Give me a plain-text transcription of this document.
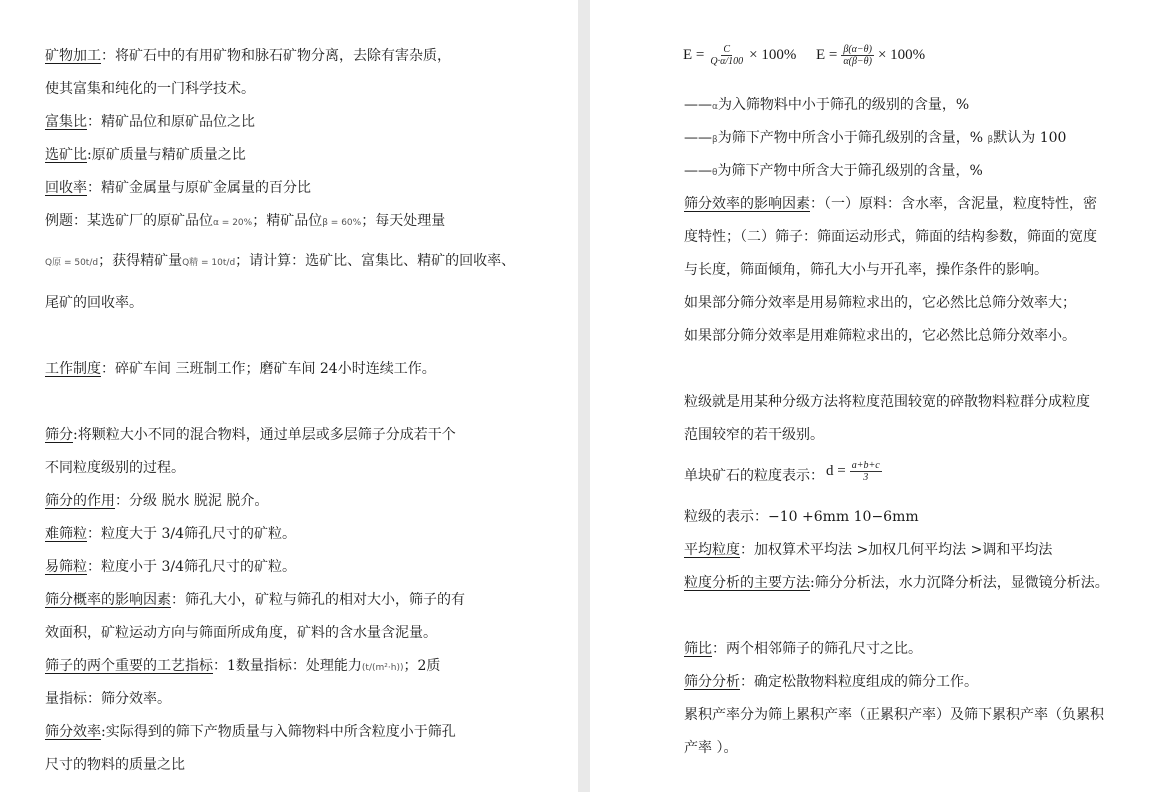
矿物加工：将矿石中的有用矿物和脉石矿物分离，去除有害杂质，
使其富集和纯化的一门科学技术。
富集比：精矿品位和原矿品位之比
选矿比:原矿质量与精矿质量之比
回收率：精矿金属量与原矿金属量的百分比
例题：某选矿厂的原矿品位α = 20%；精矿品位β = 60%；每天处理量
Q原 = 50t/d；获得精矿量Q精 = 10t/d；请计算：选矿比、富集比、精矿的回收率、
尾矿的回收率。
工作制度：碎矿车间 三班制工作；磨矿车间 24小时连续工作。
筛分:将颗粒大小不同的混合物料，通过单层或多层筛子分成若干个
不同粒度级别的过程。
筛分的作用：分级 脱水 脱泥 脱介。
难筛粒：粒度大于 3/4筛孔尺寸的矿粒。
易筛粒：粒度小于 3/4筛孔尺寸的矿粒。
筛分概率的影响因素：筛孔大小，矿粒与筛孔的相对大小，筛子的有
效面积，矿粒运动方向与筛面所成角度，矿料的含水量含泥量。
筛子的两个重要的工艺指标：1数量指标：处理能力(t/(m²·h))；2质
量指标：筛分效率。
筛分效率:实际得到的筛下产物质量与入筛物料中所含粒度小于筛孔
尺寸的物料的质量之比
$E = \frac{C}{Q\cdot\alpha/100} \times 100\%$ $E = \frac{\beta(\alpha-\theta)}{\alpha(\beta-\theta)} \times 100\%$
——α为入筛物料中小于筛孔的级别的含量，%
——β为筛下产物中所含小于筛孔级别的含量，% β默认为 100
——θ为筛下产物中所含大于筛孔级别的含量，%
筛分效率的影响因素：（一）原料：含水率，含泥量，粒度特性，密
度特性；（二）筛子：筛面运动形式，筛面的结构参数，筛面的宽度
与长度，筛面倾角，筛孔大小与开孔率，操作条件的影响。
如果部分筛分效率是用易筛粒求出的，它必然比总筛分效率大；
如果部分筛分效率是用难筛粒求出的，它必然比总筛分效率小。
粒级就是用某种分级方法将粒度范围较宽的碎散物料粒群分成粒度
范围较窄的若干级别。
单块矿石的粒度表示： $d = \frac{a+b+c}{3}$
粒级的表示：−10 +6mm 10−6mm
平均粒度：加权算术平均法 >加权几何平均法 >调和平均法
粒度分析的主要方法:筛分分析法，水力沉降分析法，显微镜分析法。
筛比：两个相邻筛子的筛孔尺寸之比。
筛分分析：确定松散物料粒度组成的筛分工作。
累积产率分为筛上累积产率（正累积产率）及筛下累积产率（负累积
产率 ）。
